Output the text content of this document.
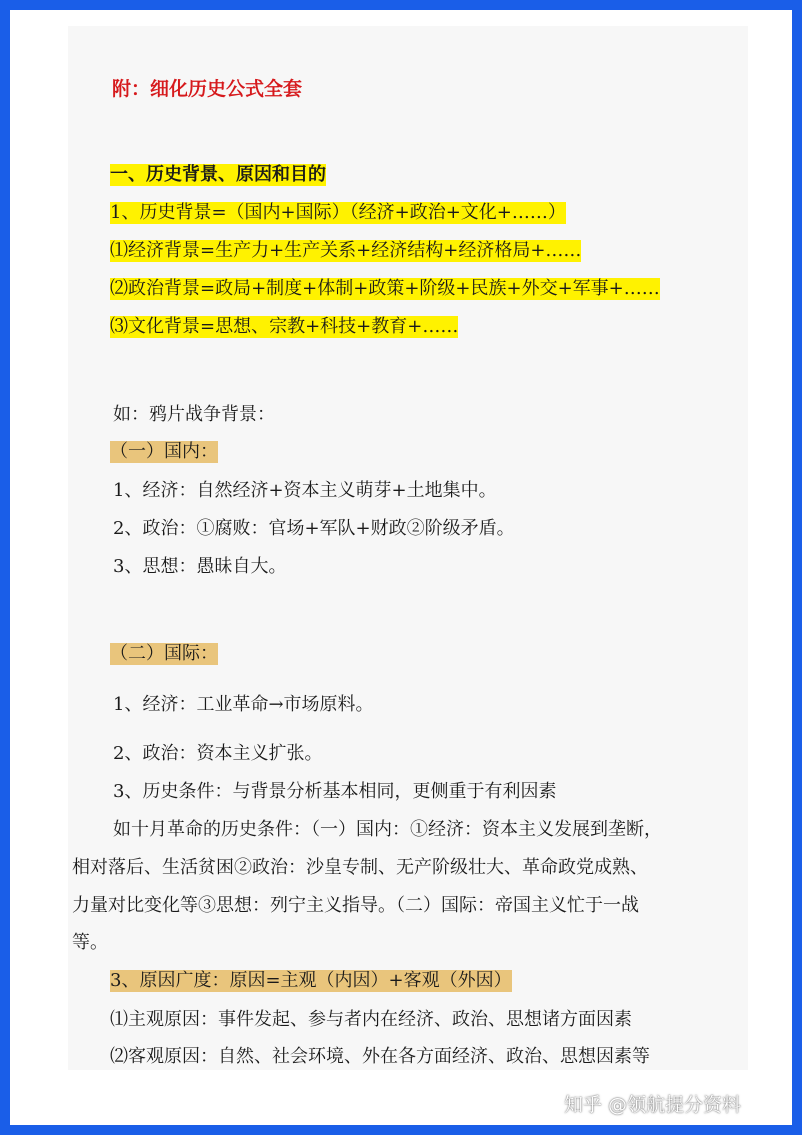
附：细化历史公式全套
一、历史背景、原因和目的
1、历史背景=（国内+国际）（经济+政治+文化+……）
⑴经济背景=生产力+生产关系+经济结构+经济格局+……
⑵政治背景=政局+制度+体制+政策+阶级+民族+外交+军事+……
⑶文化背景=思想、宗教+科技+教育+……
如：鸦片战争背景：
（一）国内：
1、经济：自然经济+资本主义萌芽+土地集中。
2、政治：①腐败：官场+军队+财政②阶级矛盾。
3、思想：愚昧自大。
（二）国际：
1、经济：工业革命→市场原料。
2、政治：资本主义扩张。
3、历史条件：与背景分析基本相同，更侧重于有利因素
如十月革命的历史条件：（一）国内：①经济：资本主义发展到垄断，
相对落后、生活贫困②政治：沙皇专制、无产阶级壮大、革命政党成熟、
力量对比变化等③思想：列宁主义指导。（二）国际：帝国主义忙于一战
等。
3、原因广度：原因=主观（内因）+客观（外因）
⑴主观原因：事件发起、参与者内在经济、政治、思想诸方面因素
⑵客观原因：自然、社会环境、外在各方面经济、政治、思想因素等
知乎 @领航提分资料
